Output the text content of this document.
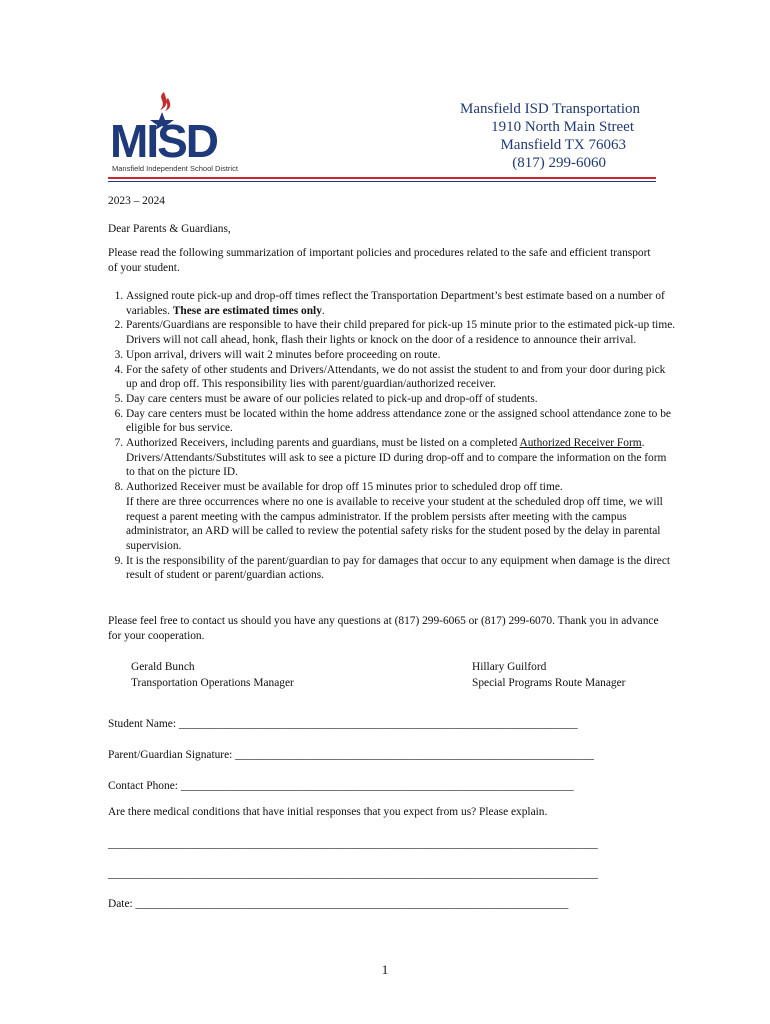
MISD
Mansfield Independent School District
Mansfield ISD Transportation
1910 North Main Street
Mansfield TX 76063
(817) 299-6060
2023 – 2024
Dear Parents & Guardians,
Please read the following summarization of important policies and procedures related to the safe and efficient transport of your student.
1. Assigned route pick-up and drop-off times reflect the Transportation Department’s best estimate based on a number of variables. These are estimated times only.
2. Parents/Guardians are responsible to have their child prepared for pick-up 15 minute prior to the estimated pick-up time. Drivers will not call ahead, honk, flash their lights or knock on the door of a residence to announce their arrival.
3. Upon arrival, drivers will wait 2 minutes before proceeding on route.
4. For the safety of other students and Drivers/Attendants, we do not assist the student to and from your door during pick up and drop off. This responsibility lies with parent/guardian/authorized receiver.
5. Day care centers must be aware of our policies related to pick-up and drop-off of students.
6. Day care centers must be located within the home address attendance zone or the assigned school attendance zone to be eligible for bus service.
7. Authorized Receivers, including parents and guardians, must be listed on a completed Authorized Receiver Form. Drivers/Attendants/Substitutes will ask to see a picture ID during drop-off and to compare the information on the form to that on the picture ID.
8. Authorized Receiver must be available for drop off 15 minutes prior to scheduled drop off time.
If there are three occurrences where no one is available to receive your student at the scheduled drop off time, we will request a parent meeting with the campus administrator. If the problem persists after meeting with the campus administrator, an ARD will be called to review the potential safety risks for the student posed by the delay in parental supervision.
9. It is the responsibility of the parent/guardian to pay for damages that occur to any equipment when damage is the direct result of student or parent/guardian actions.
Please feel free to contact us should you have any questions at (817) 299-6065 or (817) 299-6070. Thank you in advance for your cooperation.
Gerald Bunch
Transportation Operations Manager
Hillary Guilford
Special Programs Route Manager
Student Name: ______________________________________________________________________
Parent/Guardian Signature: _______________________________________________________________
Contact Phone: _____________________________________________________________________
Are there medical conditions that have initial responses that you expect from us? Please explain.
______________________________________________________________________________________
______________________________________________________________________________________
Date: ____________________________________________________________________________
1
